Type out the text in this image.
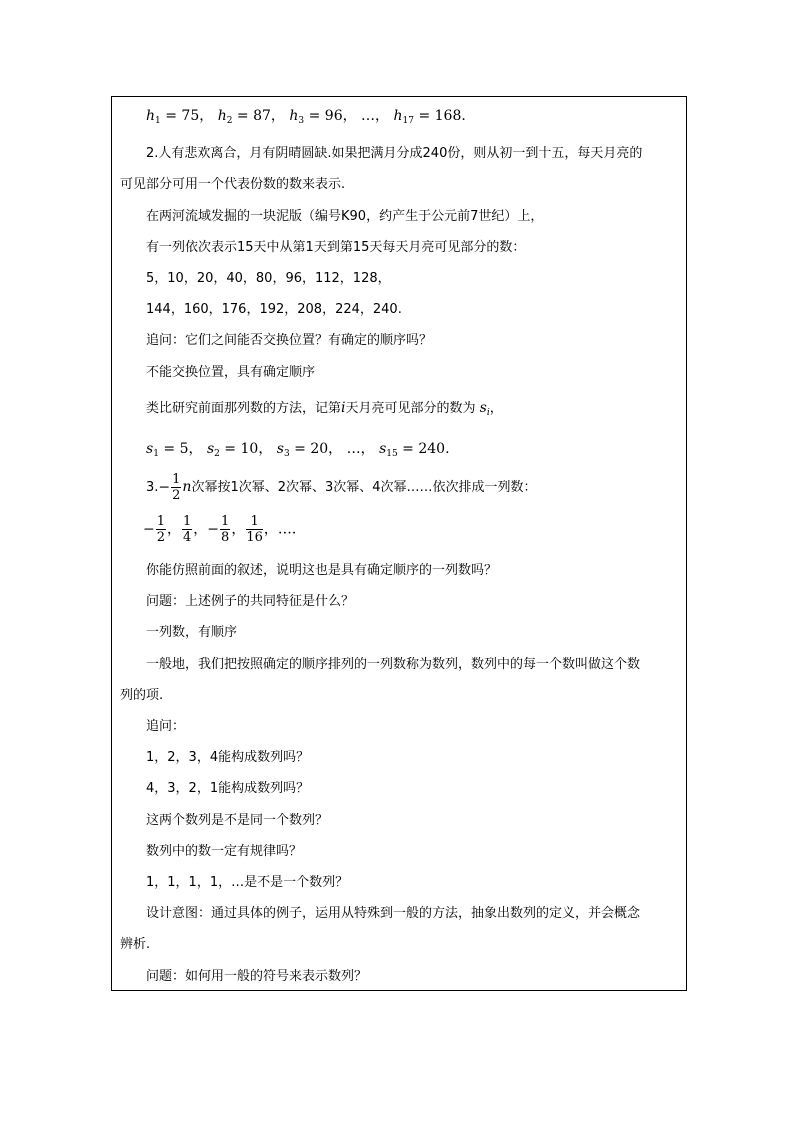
$h_1 = 75$， $h_2 = 87$， $h_3 = 96$， …， $h_{17} = 168$.
2.人有悲欢离合，月有阴晴圆缺.如果把满月分成240份，则从初一到十五，每天月亮的
可见部分可用一个代表份数的数来表示.
在两河流域发掘的一块泥版（编号K90，约产生于公元前7世纪）上，
有一列依次表示15天中从第1天到第15天每天月亮可见部分的数：
5，10，20，40，80，96，112，128，
144，160，176，192，208，224，240.
追问：它们之间能否交换位置？有确定的顺序吗？
不能交换位置，具有确定顺序
类比研究前面那列数的方法，记第i天月亮可见部分的数为 $s_i$，
$s_1 = 5$， $s_2 = 10$， $s_3 = 20$， …， $s_{15} = 240$.
$3.- \frac{1}{2}$ n次幂按1次幂、2次幂、3次幂、4次幂……依次排成一列数：
− $\frac{1}{2}$ ， $\frac{1}{4}$ ，− $\frac{1}{8}$ ， $\frac{1}{16}$ ，….
你能仿照前面的叙述，说明这也是具有确定顺序的一列数吗？
问题：上述例子的共同特征是什么？
一列数，有顺序
一般地，我们把按照确定的顺序排列的一列数称为数列，数列中的每一个数叫做这个数
列的项.
追问：
1，2，3，4能构成数列吗？
4，3，2，1能构成数列吗？
这两个数列是不是同一个数列？
数列中的数一定有规律吗？
1，1，1，1，…是不是一个数列？
设计意图：通过具体的例子，运用从特殊到一般的方法，抽象出数列的定义，并会概念
辨析.
问题：如何用一般的符号来表示数列？
